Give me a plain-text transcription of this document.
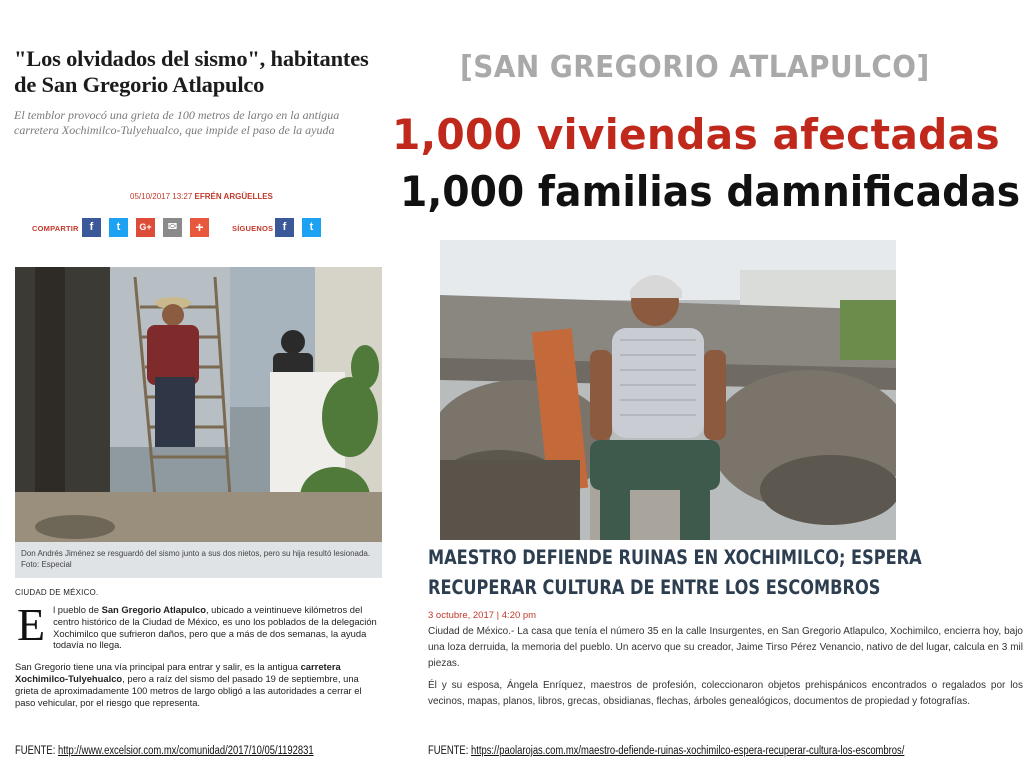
"Los olvidados del sismo", habitantes de San Gregorio Atlapulco
El temblor provocó una grieta de 100 metros de largo en la antigua carretera Xochimilco-Tulyehualco, que impide el paso de la ayuda
05/10/2017 13:27 EFRÉN ARGÜELLES
COMPARTIR f	t	G+	✉	+	SÍGUENOS f	t
Don Andrés Jiménez se resguardó del sismo junto a sus dos nietos, pero su hija resultó lesionada. Foto: Especial
CIUDAD DE MÉXICO.

El pueblo de San Gregorio Atlapulco, ubicado a veintinueve kilómetros del centro histórico de la Ciudad de México, es uno los poblados de la delegación Xochimilco que sufrieron daños, pero que a más de dos semanas, la ayuda todavía no llega.

San Gregorio tiene una vía principal para entrar y salir, es la antigua carretera Xochimilco-Tulyehualco, pero a raíz del sismo del pasado 19 de septiembre, una grieta de aproximadamente 100 metros de largo obligó a las autoridades a cerrar el paso vehicular, por el riesgo que representa.

FUENTE: http://www.excelsior.com.mx/comunidad/2017/10/05/1192831
[SAN GREGORIO ATLAPULCO]
1,000 viviendas afectadas
1,000 familias damnificadas
MAESTRO DEFIENDE RUINAS EN XOCHIMILCO; ESPERA RECUPERAR CULTURA DE ENTRE LOS ESCOMBROS
3 octubre, 2017 | 4:20 pm

Ciudad de México.- La casa que tenía el número 35 en la calle Insurgentes, en San Gregorio Atlapulco, Xochimilco, encierra hoy, bajo una loza derruida, la memoria del pueblo. Un acervo que su creador, Jaime Tirso Pérez Venancio, nativo de del lugar, calcula en 3 mil piezas.

Él y su esposa, Ángela Enríquez, maestros de profesión, coleccionaron objetos prehispánicos encontrados o regalados por los vecinos, mapas, planos, libros, grecas, obsidianas, flechas, árboles genealógicos, documentos de propiedad y fotografías.

FUENTE: https://paolarojas.com.mx/maestro-defiende-ruinas-xochimilco-espera-recuperar-cultura-los-escombros/
